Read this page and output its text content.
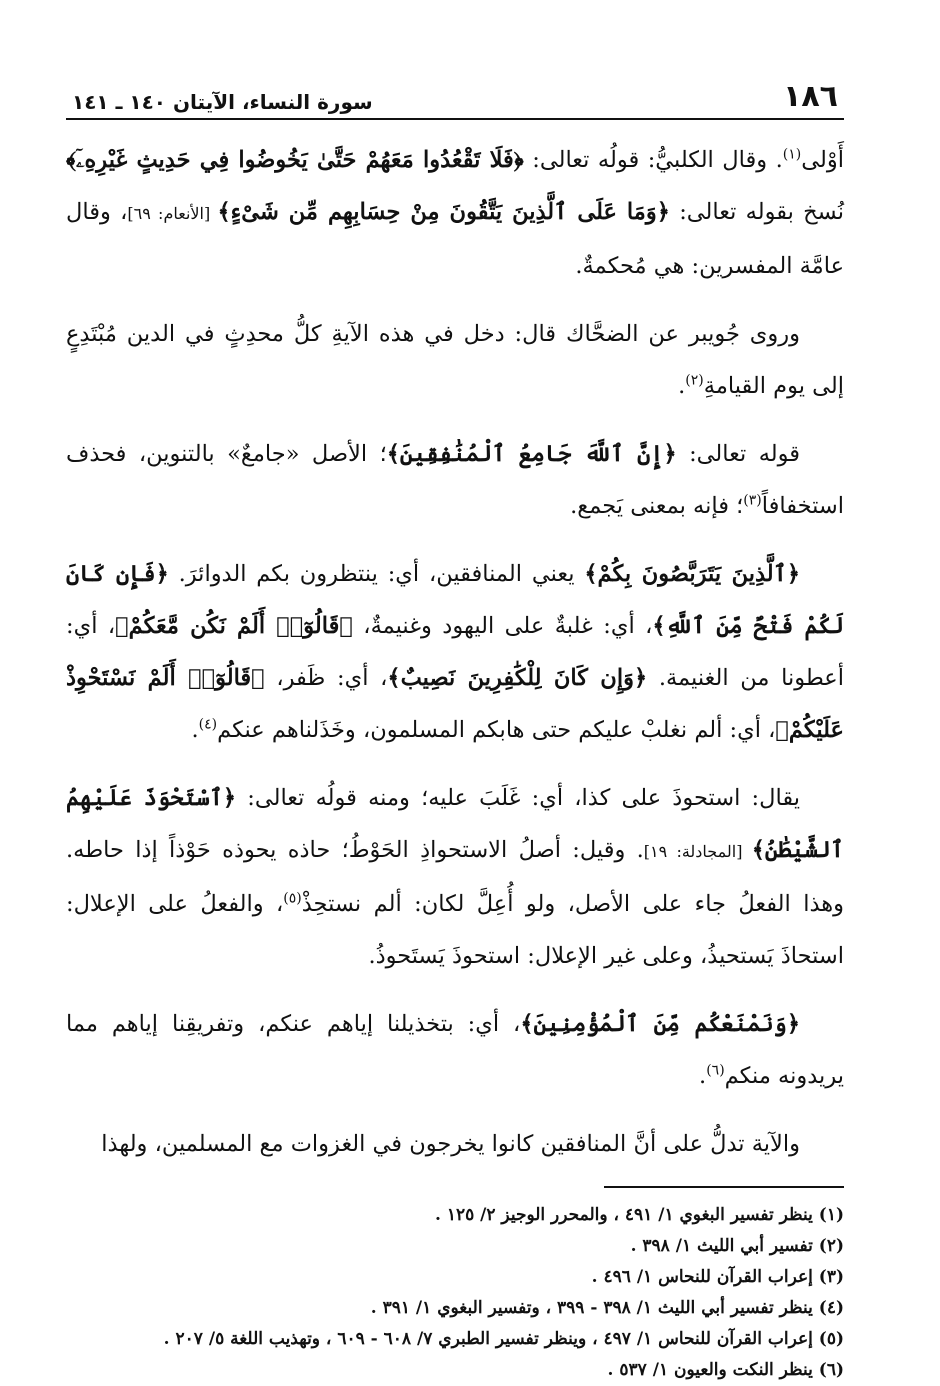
١٨٦
سورة النساء، الآيتان ١٤٠ ـ ١٤١

أَوْلى$^{(١)}$. وقال الكلبيُّ: قولُه تعالى: ﴿فَلَا تَقْعُدُوا مَعَهُمْ حَتَّىٰ يَخُوضُوا فِي حَدِيثٍ غَيْرِهِۦٓ﴾ نُسخ بقوله تعالى: ﴿وَمَا عَلَى ٱلَّذِينَ يَتَّقُونَ مِنْ حِسَابِهِم مِّن شَىْءٍ﴾ [الأنعام: ٦٩]، وقال عامَّة المفسرين: هي مُحكمةٌ.

وروى جُويبر عن الضحَّاك قال: دخل في هذه الآيةِ كلُّ محدِثٍ في الدين مُبْتَدِعٍ إلى يوم القيامةِ$^{(٢)}$.

قوله تعالى: ﴿إِنَّ ٱللَّهَ جَامِعُ ٱلْمُنَٰفِقِينَ﴾؛ الأصل «جامعٌ» بالتنوين، فحذف استخفافاً$^{(٣)}$؛ فإنه بمعنى يَجمع.

﴿ٱلَّذِينَ يَتَرَبَّصُونَ بِكُمْ﴾ يعني المنافقين، أي: ينتظرون بكم الدوائرَ. ﴿فَإِن كَانَ لَكُمْ فَتْحٌ مِّنَ ٱللَّهِ﴾، أي: غلبةٌ على اليهود وغنيمةٌ، ﴿قَالُوٓا۟ أَلَمْ نَكُن مَّعَكُمْ﴾، أي: أعطونا من الغنيمة. ﴿وَإِن كَانَ لِلْكَٰفِرِينَ نَصِيبٌ﴾، أي: ظَفر، ﴿قَالُوٓا۟ أَلَمْ نَسْتَحْوِذْ عَلَيْكُمْ﴾، أي: ألم نغلبْ عليكم حتى هابكم المسلمون، وخَذَلناهم عنكم$^{(٤)}$.

يقال: استحوذَ على كذا، أي: غَلَبَ عليه؛ ومنه قولُه تعالى: ﴿ٱسْتَحْوَذَ عَلَيْهِمُ ٱلشَّيْطَٰنُ﴾ [المجادلة: ١٩]. وقيل: أصلُ الاستحواذِ الحَوْطُ؛ حاذه يحوذه حَوْذاً إذا حاطه. وهذا الفعلُ جاء على الأصل، ولو أُعِلَّ لكان: ألم نستحِذْ$^{(٥)}$، والفعلُ على الإعلال: استحاذَ يَستحيذُ، وعلى غير الإعلال: استحوذَ يَستَحوذُ.

﴿وَنَمْنَعْكُم مِّنَ ٱلْمُؤْمِنِينَ﴾، أي: بتخذيلنا إياهم عنكم، وتفريقِنا إياهم مما يريدونه منكم$^{(٦)}$.

والآية تدلُّ على أنَّ المنافقين كانوا يخرجون في الغزوات مع المسلمين، ولهذا

(١) ينظر تفسير البغوي ١/ ٤٩١ ، والمحرر الوجيز ٢/ ١٢٥ .
(٢) تفسير أبي الليث ١/ ٣٩٨ .
(٣) إعراب القرآن للنحاس ١/ ٤٩٦ .
(٤) ينظر تفسير أبي الليث ١/ ٣٩٨ - ٣٩٩ ، وتفسير البغوي ١/ ٣٩١ .
(٥) إعراب القرآن للنحاس ١/ ٤٩٧ ، وينظر تفسير الطبري ٧/ ٦٠٨ - ٦٠٩ ، وتهذيب اللغة ٥/ ٢٠٧ .
(٦) ينظر النكت والعيون ١/ ٥٣٧ .
